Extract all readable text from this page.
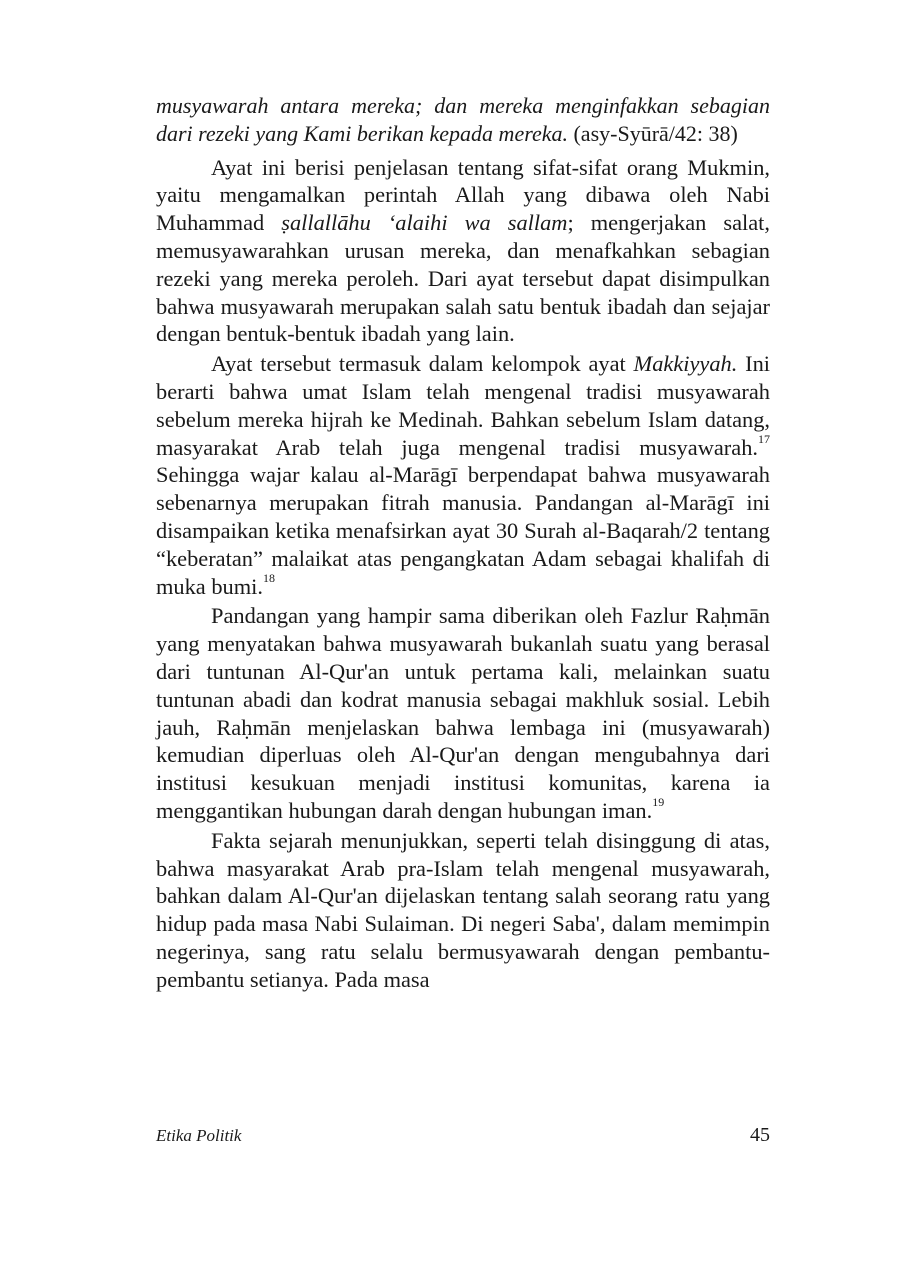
musyawarah antara mereka; dan mereka menginfakkan sebagian dari rezeki yang Kami berikan kepada mereka. (asy-Syūrā/42: 38)

Ayat ini berisi penjelasan tentang sifat-sifat orang Mukmin, yaitu mengamalkan perintah Allah yang dibawa oleh Nabi Muhammad ṣallallāhu ‘alaihi wa sallam; mengerjakan salat, memusyawarahkan urusan mereka, dan menafkahkan sebagian rezeki yang mereka peroleh. Dari ayat tersebut dapat disimpulkan bahwa musyawarah merupakan salah satu bentuk ibadah dan sejajar dengan bentuk-bentuk ibadah yang lain.

Ayat tersebut termasuk dalam kelompok ayat Makkiyyah. Ini berarti bahwa umat Islam telah mengenal tradisi musyawarah sebelum mereka hijrah ke Medinah. Bahkan sebelum Islam datang, masyarakat Arab telah juga mengenal tradisi musyawarah.$^{17}$ Sehingga wajar kalau al-Marāgī berpendapat bahwa musyawarah sebenarnya merupakan fitrah manusia. Pandangan al-Marāgī ini disampaikan ketika menafsirkan ayat 30 Surah al-Baqarah/2 tentang “keberatan” malaikat atas pengangkatan Adam sebagai khalifah di muka bumi.$^{18}$

Pandangan yang hampir sama diberikan oleh Fazlur Raḥmān yang menyatakan bahwa musyawarah bukanlah suatu yang berasal dari tuntunan Al-Qur'an untuk pertama kali, melainkan suatu tuntunan abadi dan kodrat manusia sebagai makhluk sosial. Lebih jauh, Raḥmān menjelaskan bahwa lembaga ini (musyawarah) kemudian diperluas oleh Al-Qur'an dengan mengubahnya dari institusi kesukuan menjadi institusi komunitas, karena ia menggantikan hubungan darah dengan hubungan iman.$^{19}$

Fakta sejarah menunjukkan, seperti telah disinggung di atas, bahwa masyarakat Arab pra-Islam telah mengenal musyawarah, bahkan dalam Al-Qur'an dijelaskan tentang salah seorang ratu yang hidup pada masa Nabi Sulaiman. Di negeri Saba', dalam memimpin negerinya, sang ratu selalu bermusyawarah dengan pembantu-pembantu setianya. Pada masa

Etika Politik	45
